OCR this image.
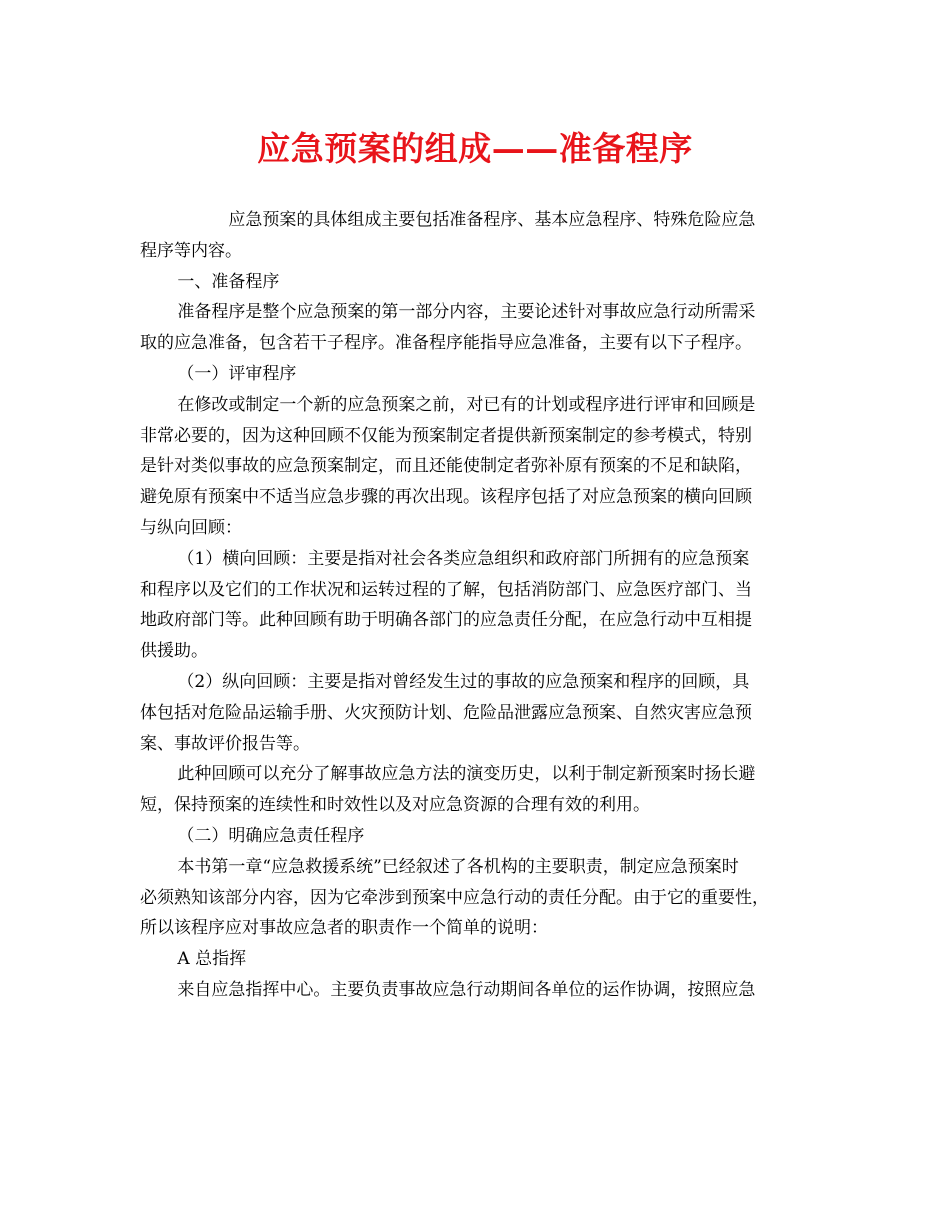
应急预案的组成——准备程序

应急预案的具体组成主要包括准备程序、基本应急程序、特殊危险应急

程序等内容。

一、准备程序

准备程序是整个应急预案的第一部分内容，主要论述针对事故应急行动所需采

取的应急准备，包含若干子程序。准备程序能指导应急准备，主要有以下子程序。

（一）评审程序

在修改或制定一个新的应急预案之前，对已有的计划或程序进行评审和回顾是

非常必要的，因为这种回顾不仅能为预案制定者提供新预案制定的参考模式，特别

是针对类似事故的应急预案制定，而且还能使制定者弥补原有预案的不足和缺陷，

避免原有预案中不适当应急步骤的再次出现。该程序包括了对应急预案的横向回顾

与纵向回顾：

（1）横向回顾：主要是指对社会各类应急组织和政府部门所拥有的应急预案

和程序以及它们的工作状况和运转过程的了解，包括消防部门、应急医疗部门、当

地政府部门等。此种回顾有助于明确各部门的应急责任分配，在应急行动中互相提

供援助。

（2）纵向回顾：主要是指对曾经发生过的事故的应急预案和程序的回顾，具

体包括对危险品运输手册、火灾预防计划、危险品泄露应急预案、自然灾害应急预

案、事故评价报告等。

此种回顾可以充分了解事故应急方法的演变历史，以利于制定新预案时扬长避

短，保持预案的连续性和时效性以及对应急资源的合理有效的利用。

（二）明确应急责任程序

本书第一章“应急救援系统”已经叙述了各机构的主要职责，制定应急预案时

必须熟知该部分内容，因为它牵涉到预案中应急行动的责任分配。由于它的重要性，

所以该程序应对事故应急者的职责作一个简单的说明：

A 总指挥

来自应急指挥中心。主要负责事故应急行动期间各单位的运作协调，按照应急
